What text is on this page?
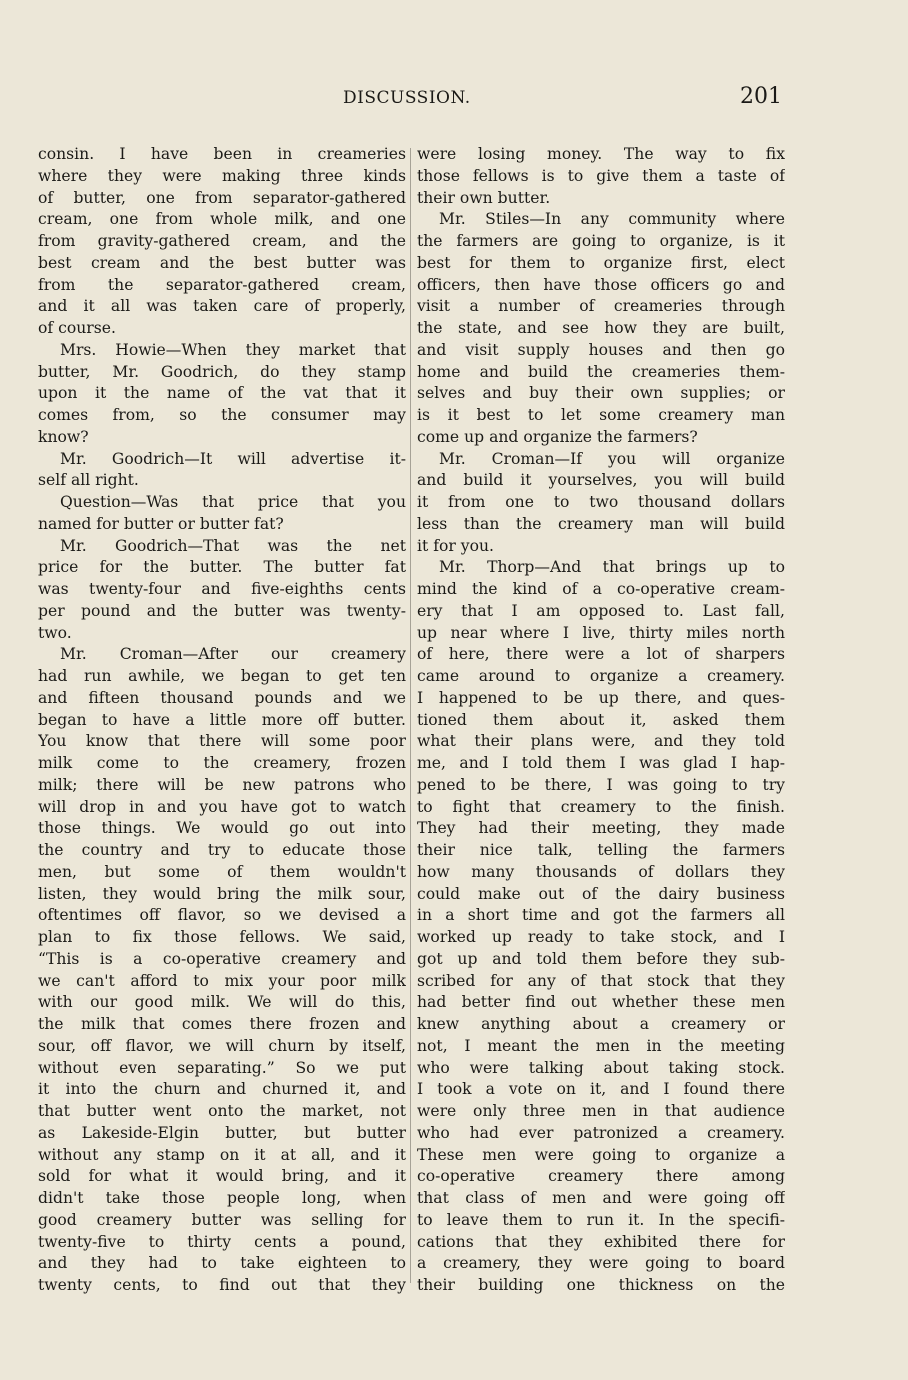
DISCUSSION.	201
consin. I have been in creameries
where they were making three kinds
of butter, one from separator-gathered
cream, one from whole milk, and one
from gravity-gathered cream, and the
best cream and the best butter was
from the separator-gathered cream,
and it all was taken care of properly,
of course.
Mrs. Howie—When they market that
butter, Mr. Goodrich, do they stamp
upon it the name of the vat that it
comes from, so the consumer may
know?
Mr. Goodrich—It will advertise it-
self all right.
Question—Was that price that you
named for butter or butter fat?
Mr. Goodrich—That was the net
price for the butter. The butter fat
was twenty-four and five-eighths cents
per pound and the butter was twenty-
two.
Mr. Croman—After our creamery
had run awhile, we began to get ten
and fifteen thousand pounds and we
began to have a little more off butter.
You know that there will some poor
milk come to the creamery, frozen
milk; there will be new patrons who
will drop in and you have got to watch
those things. We would go out into
the country and try to educate those
men, but some of them wouldn't
listen, they would bring the milk sour,
oftentimes off flavor, so we devised a
plan to fix those fellows. We said,
“This is a co-operative creamery and
we can't afford to mix your poor milk
with our good milk. We will do this,
the milk that comes there frozen and
sour, off flavor, we will churn by itself,
without even separating.” So we put
it into the churn and churned it, and
that butter went onto the market, not
as Lakeside-Elgin butter, but butter
without any stamp on it at all, and it
sold for what it would bring, and it
didn't take those people long, when
good creamery butter was selling for
twenty-five to thirty cents a pound,
and they had to take eighteen to
twenty cents, to find out that they
were losing money. The way to fix
those fellows is to give them a taste of
their own butter.
Mr. Stiles—In any community where
the farmers are going to organize, is it
best for them to organize first, elect
officers, then have those officers go and
visit a number of creameries through
the state, and see how they are built,
and visit supply houses and then go
home and build the creameries them-
selves and buy their own supplies; or
is it best to let some creamery man
come up and organize the farmers?
Mr. Croman—If you will organize
and build it yourselves, you will build
it from one to two thousand dollars
less than the creamery man will build
it for you.
Mr. Thorp—And that brings up to
mind the kind of a co-operative cream-
ery that I am opposed to. Last fall,
up near where I live, thirty miles north
of here, there were a lot of sharpers
came around to organize a creamery.
I happened to be up there, and ques-
tioned them about it, asked them
what their plans were, and they told
me, and I told them I was glad I hap-
pened to be there, I was going to try
to fight that creamery to the finish.
They had their meeting, they made
their nice talk, telling the farmers
how many thousands of dollars they
could make out of the dairy business
in a short time and got the farmers all
worked up ready to take stock, and I
got up and told them before they sub-
scribed for any of that stock that they
had better find out whether these men
knew anything about a creamery or
not, I meant the men in the meeting
who were talking about taking stock.
I took a vote on it, and I found there
were only three men in that audience
who had ever patronized a creamery.
These men were going to organize a
co-operative creamery there among
that class of men and were going off
to leave them to run it. In the specifi-
cations that they exhibited there for
a creamery, they were going to board
their building one thickness on the
